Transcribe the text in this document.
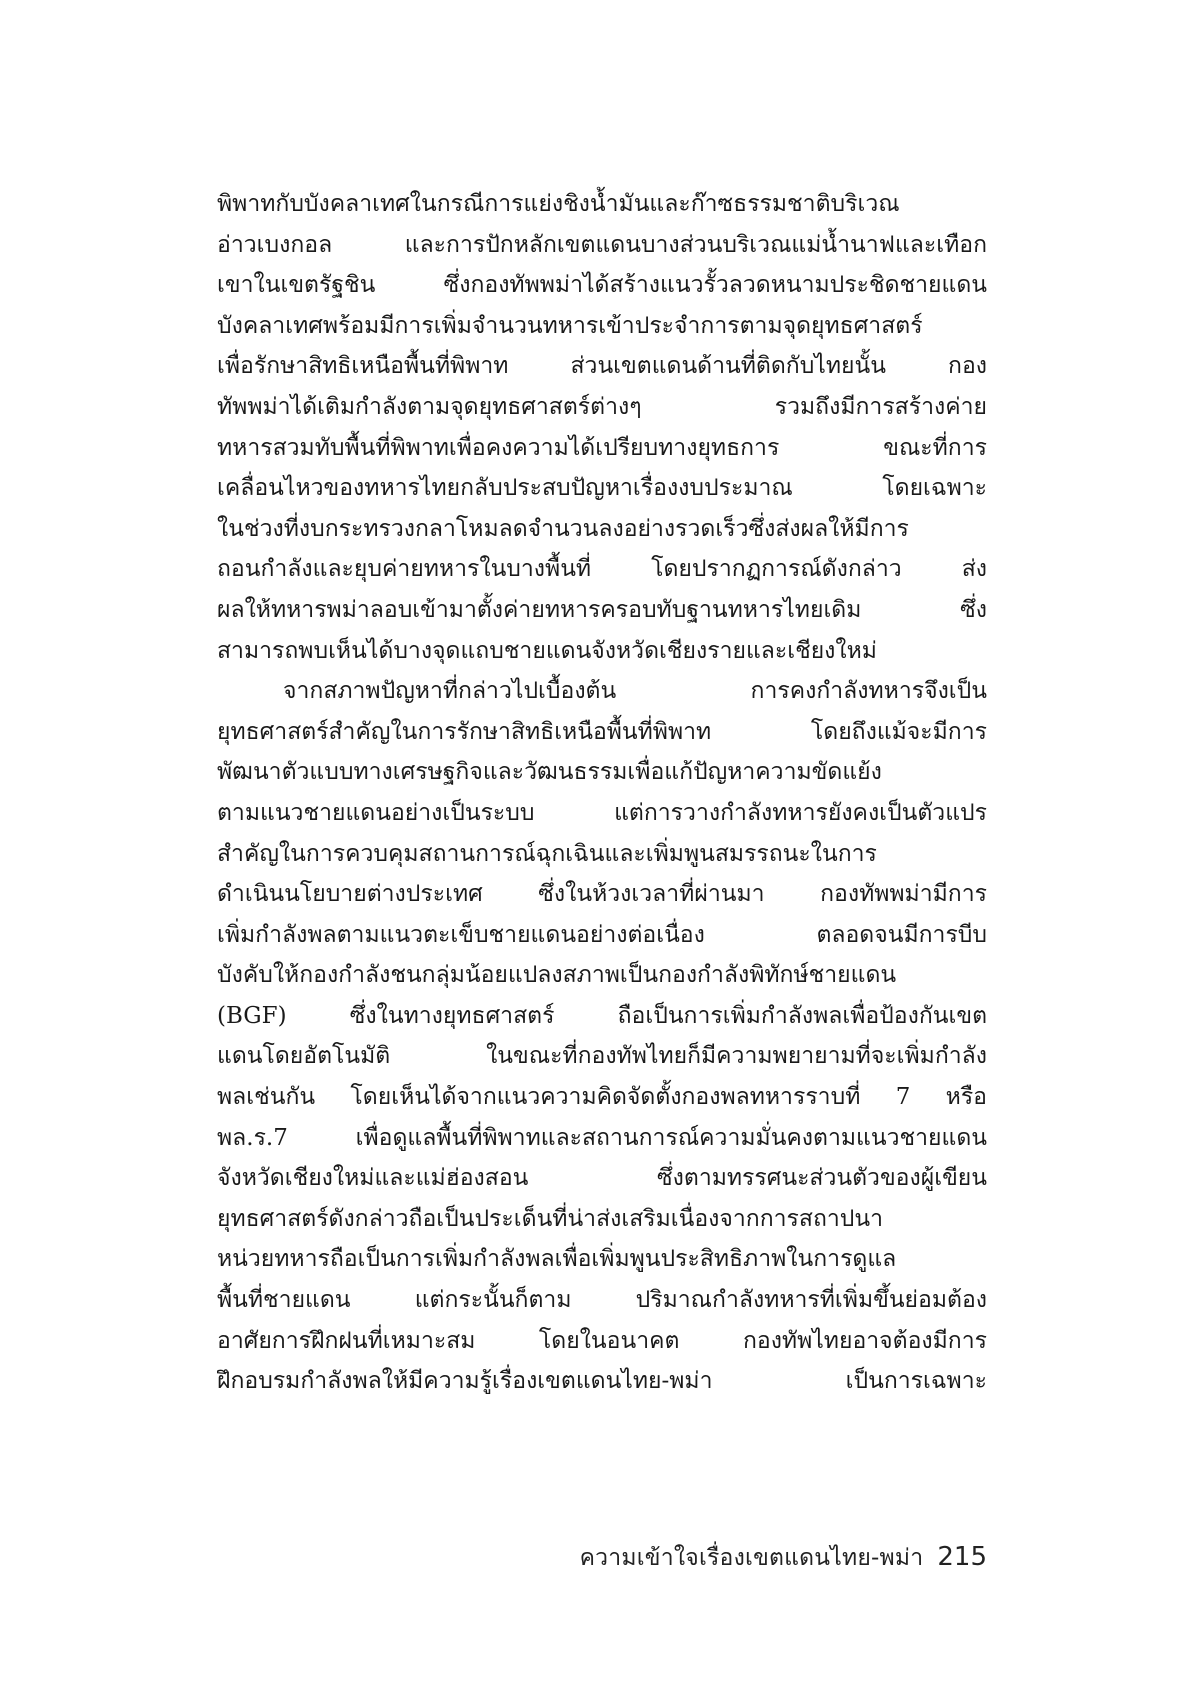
พิพาทกับบังคลาเทศในกรณีการแย่งชิงน้ำมันและก๊าซธรรมชาติบริเวณ
อ่าวเบงกอล และการปักหลักเขตแดนบางส่วนบริเวณแม่น้ำนาฟและเทือก
เขาในเขตรัฐชิน ซึ่งกองทัพพม่าได้สร้างแนวรั้วลวดหนามประชิดชายแดน
บังคลาเทศพร้อมมีการเพิ่มจำนวนทหารเข้าประจำการตามจุดยุทธศาสตร์
เพื่อรักษาสิทธิเหนือพื้นที่พิพาท ส่วนเขตแดนด้านที่ติดกับไทยนั้น กอง
ทัพพม่าได้เติมกำลังตามจุดยุทธศาสตร์ต่างๆ รวมถึงมีการสร้างค่าย
ทหารสวมทับพื้นที่พิพาทเพื่อคงความได้เปรียบทางยุทธการ ขณะที่การ
เคลื่อนไหวของทหารไทยกลับประสบปัญหาเรื่องงบประมาณ โดยเฉพาะ
ในช่วงที่งบกระทรวงกลาโหมลดจำนวนลงอย่างรวดเร็วซึ่งส่งผลให้มีการ
ถอนกำลังและยุบค่ายทหารในบางพื้นที่ โดยปรากฏการณ์ดังกล่าว ส่ง
ผลให้ทหารพม่าลอบเข้ามาตั้งค่ายทหารครอบทับฐานทหารไทยเดิม ซึ่ง
สามารถพบเห็นได้บางจุดแถบชายแดนจังหวัดเชียงรายและเชียงใหม่
จากสภาพปัญหาที่กล่าวไปเบื้องต้น การคงกำลังทหารจึงเป็น
ยุทธศาสตร์สำคัญในการรักษาสิทธิเหนือพื้นที่พิพาท โดยถึงแม้จะมีการ
พัฒนาตัวแบบทางเศรษฐกิจและวัฒนธรรมเพื่อแก้ปัญหาความขัดแย้ง
ตามแนวชายแดนอย่างเป็นระบบ แต่การวางกำลังทหารยังคงเป็นตัวแปร
สำคัญในการควบคุมสถานการณ์ฉุกเฉินและเพิ่มพูนสมรรถนะในการ
ดำเนินนโยบายต่างประเทศ ซึ่งในห้วงเวลาที่ผ่านมา กองทัพพม่ามีการ
เพิ่มกำลังพลตามแนวตะเข็บชายแดนอย่างต่อเนื่อง ตลอดจนมีการบีบ
บังคับให้กองกำลังชนกลุ่มน้อยแปลงสภาพเป็นกองกำลังพิทักษ์ชายแดน
(BGF) ซึ่งในทางยุทธศาสตร์ ถือเป็นการเพิ่มกำลังพลเพื่อป้องกันเขต
แดนโดยอัตโนมัติ ในขณะที่กองทัพไทยก็มีความพยายามที่จะเพิ่มกำลัง
พลเช่นกัน โดยเห็นได้จากแนวความคิดจัดตั้งกองพลทหารราบที่ 7 หรือ
พล.ร.7 เพื่อดูแลพื้นที่พิพาทและสถานการณ์ความมั่นคงตามแนวชายแดน
จังหวัดเชียงใหม่และแม่ฮ่องสอน ซึ่งตามทรรศนะส่วนตัวของผู้เขียน
ยุทธศาสตร์ดังกล่าวถือเป็นประเด็นที่น่าส่งเสริมเนื่องจากการสถาปนา
หน่วยทหารถือเป็นการเพิ่มกำลังพลเพื่อเพิ่มพูนประสิทธิภาพในการดูแล
พื้นที่ชายแดน แต่กระนั้นก็ตาม ปริมาณกำลังทหารที่เพิ่มขึ้นย่อมต้อง
อาศัยการฝึกฝนที่เหมาะสม โดยในอนาคต กองทัพไทยอาจต้องมีการ
ฝึกอบรมกำลังพลให้มีความรู้เรื่องเขตแดนไทย-พม่า เป็นการเฉพาะ
ความเข้าใจเรื่องเขตแดนไทย-พม่า 215
